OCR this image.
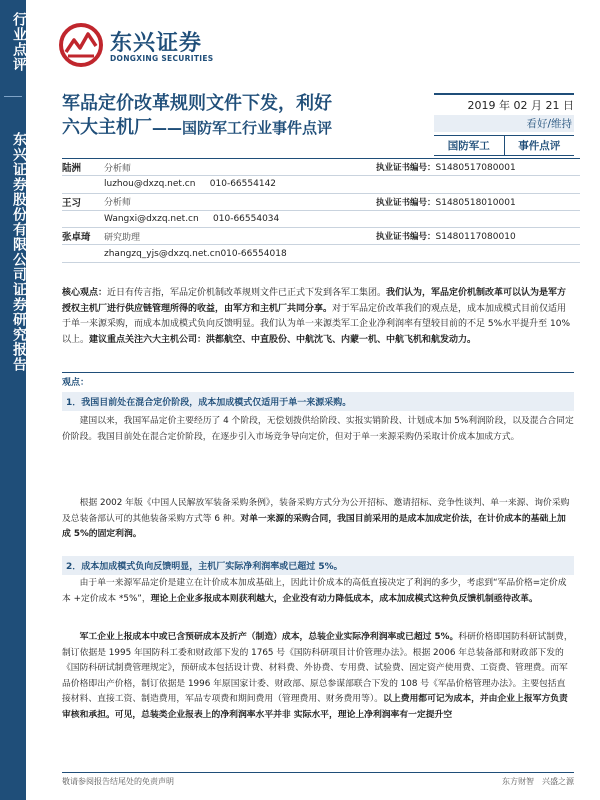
行业点评
东兴证券股份有限公司证券研究报告
东兴证券
DONGXING SECURITIES
军品定价改革规则文件下发，利好
六大主机厂——国防军工行业事件点评
2019 年 02 月 21 日
看好/维持
国防军工	事件点评
陆洲	分析师	执业证书编号：S1480517080001
luzhou@dxzq.net.cn 010-66554142
王习	分析师	执业证书编号：S1480518010001
Wangxi@dxzq.net.cn 010-66554034
张卓琦	研究助理	执业证书编号：S1480117080010
zhangzq_yjs@dxzq.net.cn010-66554018
核心观点：近日有传言指，军品定价机制改革规则文件已正式下发到各军工集团。我们认为，军品定价机制改革可以认为是军方授权主机厂进行供应链管理所得的收益，由军方和主机厂共同分享。对于军品定价改革我们的观点是，成本加成模式目前仅适用于单一来源采购，而成本加成模式负向反馈明显。我们认为单一来源类军工企业净利润率有望较目前的不足 5%水平提升至 10%以上。建议重点关注六大主机公司：洪都航空、中直股份、中航沈飞、内蒙一机、中航飞机和航发动力。
观点：
1．我国目前处在混合定价阶段，成本加成模式仅适用于单一来源采购。
建国以来，我国军品定价主要经历了 4 个阶段，无偿划拨供给阶段、实报实销阶段、计划成本加 5%利润阶段，以及混合合同定价阶段。我国目前处在混合定价阶段，在逐步引入市场竞争导向定价，但对于单一来源采购仍采取计价成本加成方式。
根据 2002 年版《中国人民解放军装备采购条例》，装备采购方式分为公开招标、邀请招标、竞争性谈判、单一来源、询价采购及总装备部认可的其他装备采购方式等 6 种。对单一来源的采购合同，我国目前采用的是成本加成定价法，在计价成本的基础上加成 5%的固定利润。
2．成本加成模式负向反馈明显，主机厂实际净利润率或已超过 5%。
由于单一来源军品定价是建立在计价成本加成基础上，因此计价成本的高低直接决定了利润的多少，考虑到“军品价格=定价成本 +定价成本 *5%”，理论上企业多报成本则获利越大，企业没有动力降低成本，成本加成模式这种负反馈机制亟待改革。
军工企业上报成本中或已含预研成本及折产（制造）成本，总装企业实际净利润率或已超过 5%。科研价格即国防科研试制费，制订依据是 1995 年国防科工委和财政部下发的 1765 号《国防科研项目计价管理办法》。根据 2006 年总装备部和财政部下发的《国防科研试制费管理规定》，预研成本包括设计费、材料费、外协费、专用费、试验费、固定资产使用费、工资费、管理费。而军品价格即出产价格，制订依据是 1996 年原国家计委、财政部、原总参谋部联合下发的 108 号《军品价格管理办法》。主要包括直接材料、直接工资、制造费用，军品专项费和期间费用（管理费用、财务费用等）。以上费用都可记为成本，并由企业上报军方负责审核和承担。可见，总装类企业报表上的净利润率水平并非 实际水平，理论上净利润率有一定提升空
敬请参阅报告结尾处的免责声明	东方财智　兴盛之源
